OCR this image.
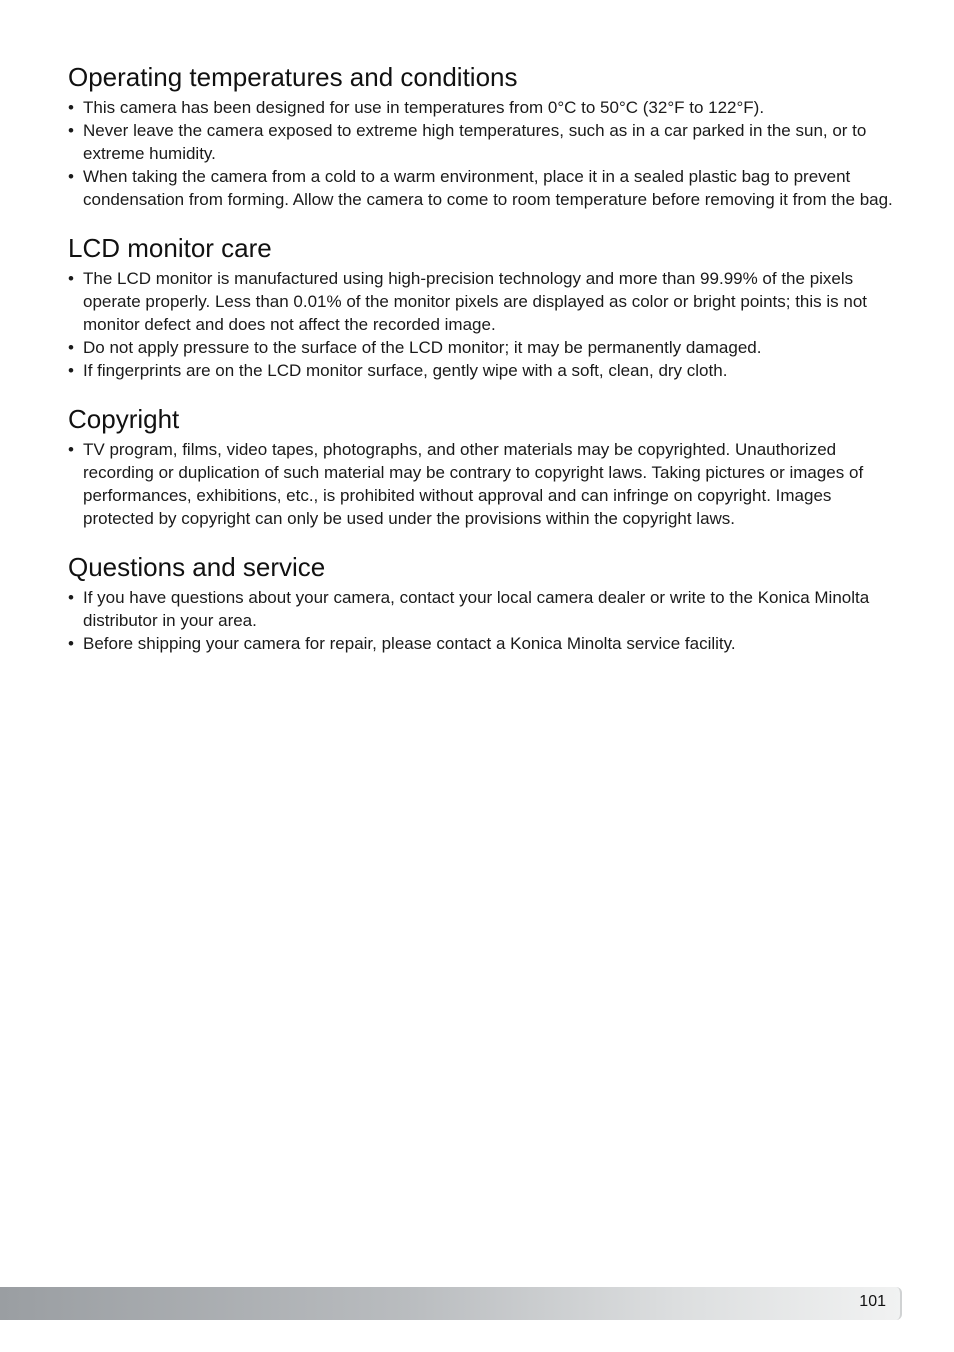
Operating temperatures and conditions
• This camera has been designed for use in temperatures from 0°C to 50°C (32°F to 122°F).
• Never leave the camera exposed to extreme high temperatures, such as in a car parked in the sun, or to extreme humidity.
• When taking the camera from a cold to a warm environment, place it in a sealed plastic bag to prevent condensation from forming. Allow the camera to come to room temperature before removing it from the bag.
LCD monitor care
• The LCD monitor is manufactured using high-precision technology and more than 99.99% of the pixels operate properly. Less than 0.01% of the monitor pixels are displayed as color or bright points; this is not monitor defect and does not affect the recorded image.
• Do not apply pressure to the surface of the LCD monitor; it may be permanently damaged.
• If fingerprints are on the LCD monitor surface, gently wipe with a soft, clean, dry cloth.
Copyright
• TV program, films, video tapes, photographs, and other materials may be copyrighted. Unauthorized recording or duplication of such material may be contrary to copyright laws. Taking pictures or images of performances, exhibitions, etc., is prohibited without approval and can infringe on copyright. Images protected by copyright can only be used under the provisions within the copyright laws.
Questions and service
• If you have questions about your camera, contact your local camera dealer or write to the Konica Minolta distributor in your area.
• Before shipping your camera for repair, please contact a Konica Minolta service facility.
101
